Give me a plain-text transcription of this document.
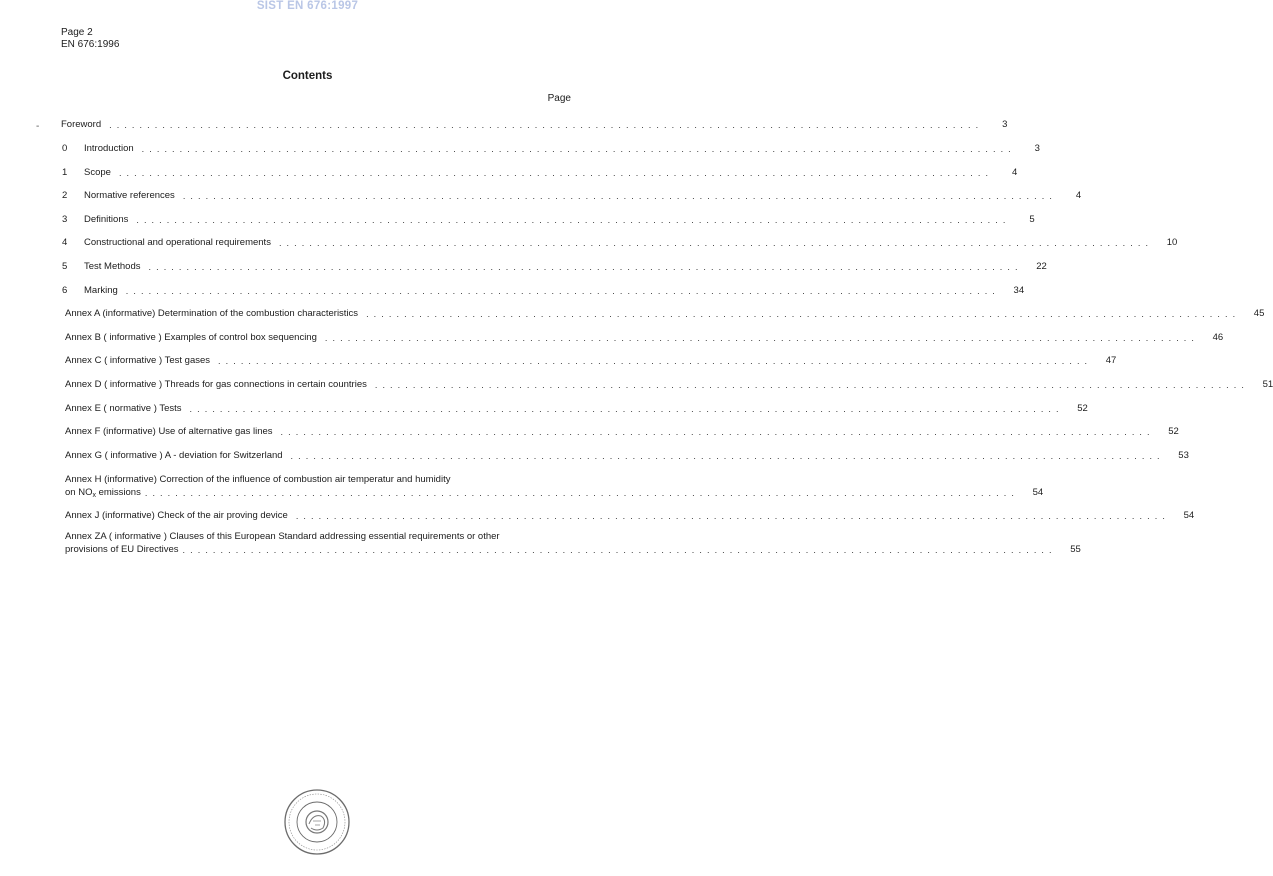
SIST EN 676:1997
Page 2
EN 676:1996
Contents
Page
- Foreword . . . . . . . . . . . . . . . . . . . . . . . . . . . . . . . . . . . . . . . . . . . . . . . . . . . . . . . . . . . . . . . . . . . . . . . . . . . . . . . . . . . . . . . . . . . . . . . . . . . . . . . . . . . . . . . . . . .	3
0 Introduction . . . . . . . . . . . . . . . . . . . . . . . . . . . . . . . . . . . . . . . . . . . . . . . . . . . . . . . . . . . . . . . . . . . . . . . . . . . . . . . . . . . . . . . . . . . . . . . . . . . . . . . . . . . . . . . . . . .	3
1 Scope . . . . . . . . . . . . . . . . . . . . . . . . . . . . . . . . . . . . . . . . . . . . . . . . . . . . . . . . . . . . . . . . . . . . . . . . . . . . . . . . . . . . . . . . . . . . . . . . . . . . . . . . . . . . . . . . . . .	4
2 Normative references . . . . . . . . . . . . . . . . . . . . . . . . . . . . . . . . . . . . . . . . . . . . . . . . . . . . . . . . . . . . . . . . . . . . . . . . . . . . . . . . . . . . . . . . . . . . . . . . . . . . . . . . . . . . . . . . . . .	4
3 Definitions . . . . . . . . . . . . . . . . . . . . . . . . . . . . . . . . . . . . . . . . . . . . . . . . . . . . . . . . . . . . . . . . . . . . . . . . . . . . . . . . . . . . . . . . . . . . . . . . . . . . . . . . . . . . . . . . . . .	5
4 Constructional and operational requirements . . . . . . . . . . . . . . . . . . . . . . . . . . . . . . . . . . . . . . . . . . . . . . . . . . . . . . . . . . . . . . . . . . . . . . . . . . . . . . . . . . . . . . . . . . . . . . . . . . . . . . . . . . . . . . . . . . .	10
5 Test Methods . . . . . . . . . . . . . . . . . . . . . . . . . . . . . . . . . . . . . . . . . . . . . . . . . . . . . . . . . . . . . . . . . . . . . . . . . . . . . . . . . . . . . . . . . . . . . . . . . . . . . . . . . . . . . . . . . . .	22
6 Marking . . . . . . . . . . . . . . . . . . . . . . . . . . . . . . . . . . . . . . . . . . . . . . . . . . . . . . . . . . . . . . . . . . . . . . . . . . . . . . . . . . . . . . . . . . . . . . . . . . . . . . . . . . . . . . . . . . .	34
Annex A (informative) Determination of the combustion characteristics . . . . . . . . . . . . . . . . . . . . . . . . . . . . . . . . . . . . . . . . . . . . . . . . . . . . . . . . . . . . . . . . . . . . . . . . . . . . . . . . . . . . . . . . . . . . . . . . . . . . . . . . . . . . . . . . . . .	45
Annex B ( informative ) Examples of control box sequencing . . . . . . . . . . . . . . . . . . . . . . . . . . . . . . . . . . . . . . . . . . . . . . . . . . . . . . . . . . . . . . . . . . . . . . . . . . . . . . . . . . . . . . . . . . . . . . . . . . . . . . . . . . . . . . . . . . .	46
Annex C ( informative ) Test gases . . . . . . . . . . . . . . . . . . . . . . . . . . . . . . . . . . . . . . . . . . . . . . . . . . . . . . . . . . . . . . . . . . . . . . . . . . . . . . . . . . . . . . . . . . . . . . . . . . . . . . . . . . . . . . . . . . .	47
Annex D ( informative ) Threads for gas connections in certain countries . . . . . . . . . . . . . . . . . . . . . . . . . . . . . . . . . . . . . . . . . . . . . . . . . . . . . . . . . . . . . . . . . . . . . . . . . . . . . . . . . . . . . . . . . . . . . . . . . . . . . . . . . . . . . . . . . . .	51
Annex E ( normative ) Tests . . . . . . . . . . . . . . . . . . . . . . . . . . . . . . . . . . . . . . . . . . . . . . . . . . . . . . . . . . . . . . . . . . . . . . . . . . . . . . . . . . . . . . . . . . . . . . . . . . . . . . . . . . . . . . . . . . .	52
Annex F (informative) Use of alternative gas lines . . . . . . . . . . . . . . . . . . . . . . . . . . . . . . . . . . . . . . . . . . . . . . . . . . . . . . . . . . . . . . . . . . . . . . . . . . . . . . . . . . . . . . . . . . . . . . . . . . . . . . . . . . . . . . . . . . .	52
Annex G ( informative ) A - deviation for Switzerland . . . . . . . . . . . . . . . . . . . . . . . . . . . . . . . . . . . . . . . . . . . . . . . . . . . . . . . . . . . . . . . . . . . . . . . . . . . . . . . . . . . . . . . . . . . . . . . . . . . . . . . . . . . . . . . . . . .	53
Annex H (informative) Correction of the influence of combustion air temperatur and humidity
on $NO_x$ emissions . . . . . . . . . . . . . . . . . . . . . . . . . . . . . . . . . . . . . . . . . . . . . . . . . . . . . . . . . . . . . . . . . . . . . . . . . . . . . . . . . . . . . . . . . . . . . . . . . . . . . . . . . . . . . . . . . . .	54
Annex J (informative) Check of the air proving device . . . . . . . . . . . . . . . . . . . . . . . . . . . . . . . . . . . . . . . . . . . . . . . . . . . . . . . . . . . . . . . . . . . . . . . . . . . . . . . . . . . . . . . . . . . . . . . . . . . . . . . . . . . . . . . . . . .	54
Annex ZA ( informative ) Clauses of this European Standard addressing essential requirements or other
provisions of EU Directives . . . . . . . . . . . . . . . . . . . . . . . . . . . . . . . . . . . . . . . . . . . . . . . . . . . . . . . . . . . . . . . . . . . . . . . . . . . . . . . . . . . . . . . . . . . . . . . . . . . . . . . . . . . . . . . . . . .	55
